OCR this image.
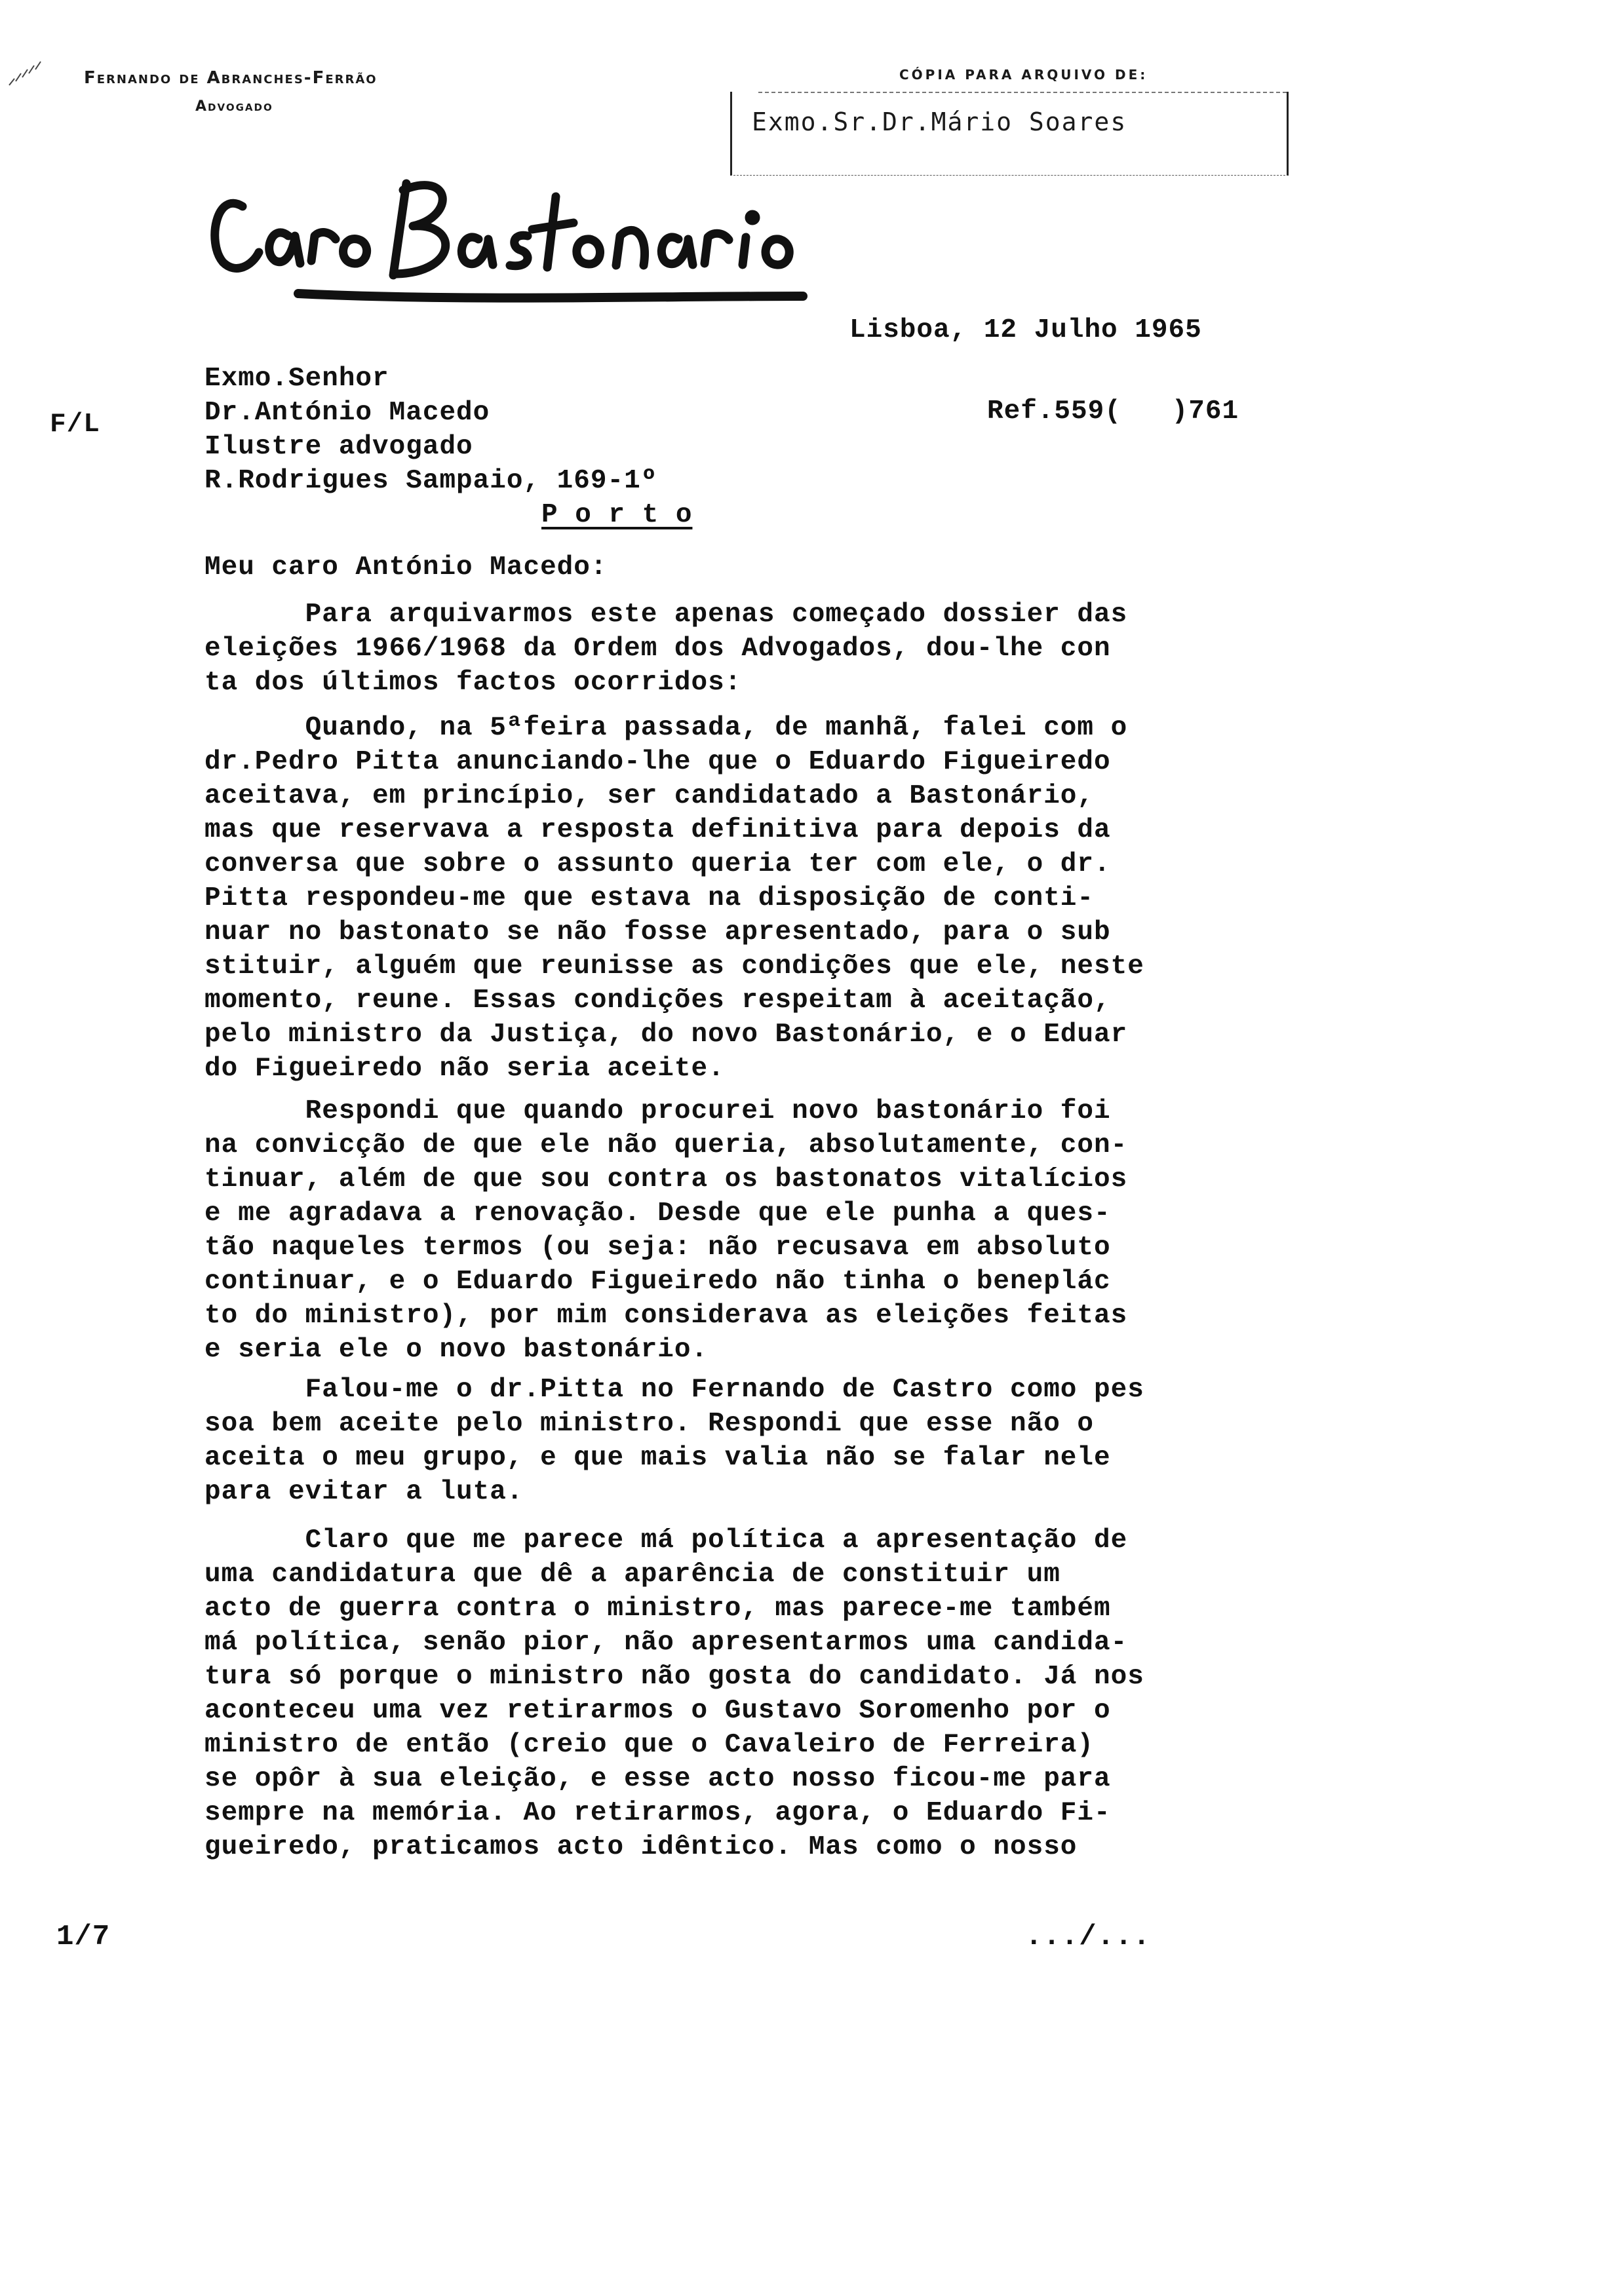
Fernando de Abranches-Ferrão
Advogado
CÓPIA PARA ARQUIVO DE:
Exmo.Sr.Dr.Mário Soares
F/L
Lisboa, 12 Julho 1965
Exmo.Senhor
Dr.António Macedo
Ilustre advogado
R.Rodrigues Sampaio, 169-1º
Ref.559(   )761
P o r t o
Meu caro António Macedo:
Para arquivarmos este apenas começado dossier das
eleições 1966/1968 da Ordem dos Advogados, dou-lhe con
ta dos últimos factos ocorridos:
Quando, na 5ªfeira passada, de manhã, falei com o
dr.Pedro Pitta anunciando-lhe que o Eduardo Figueiredo
aceitava, em princípio, ser candidatado a Bastonário,
mas que reservava a resposta definitiva para depois da
conversa que sobre o assunto queria ter com ele, o dr.
Pitta respondeu-me que estava na disposição de conti-
nuar no bastonato se não fosse apresentado, para o sub
stituir, alguém que reunisse as condições que ele, neste
momento, reune. Essas condições respeitam à aceitação,
pelo ministro da Justiça, do novo Bastonário, e o Eduar
do Figueiredo não seria aceite.
Respondi que quando procurei novo bastonário foi
na convicção de que ele não queria, absolutamente, con-
tinuar, além de que sou contra os bastonatos vitalícios
e me agradava a renovação. Desde que ele punha a ques-
tão naqueles termos (ou seja: não recusava em absoluto
continuar, e o Eduardo Figueiredo não tinha o beneplác
to do ministro), por mim considerava as eleições feitas
e seria ele o novo bastonário.
Falou-me o dr.Pitta no Fernando de Castro como pes
soa bem aceite pelo ministro. Respondi que esse não o
aceita o meu grupo, e que mais valia não se falar nele
para evitar a luta.
Claro que me parece má política a apresentação de
uma candidatura que dê a aparência de constituir um
acto de guerra contra o ministro, mas parece-me também
má política, senão pior, não apresentarmos uma candida-
tura só porque o ministro não gosta do candidato. Já nos
aconteceu uma vez retirarmos o Gustavo Soromenho por o
ministro de então (creio que o Cavaleiro de Ferreira)
se opôr à sua eleição, e esse acto nosso ficou-me para
sempre na memória. Ao retirarmos, agora, o Eduardo Fi-
gueiredo, praticamos acto idêntico. Mas como o nosso
1/7	.../...
